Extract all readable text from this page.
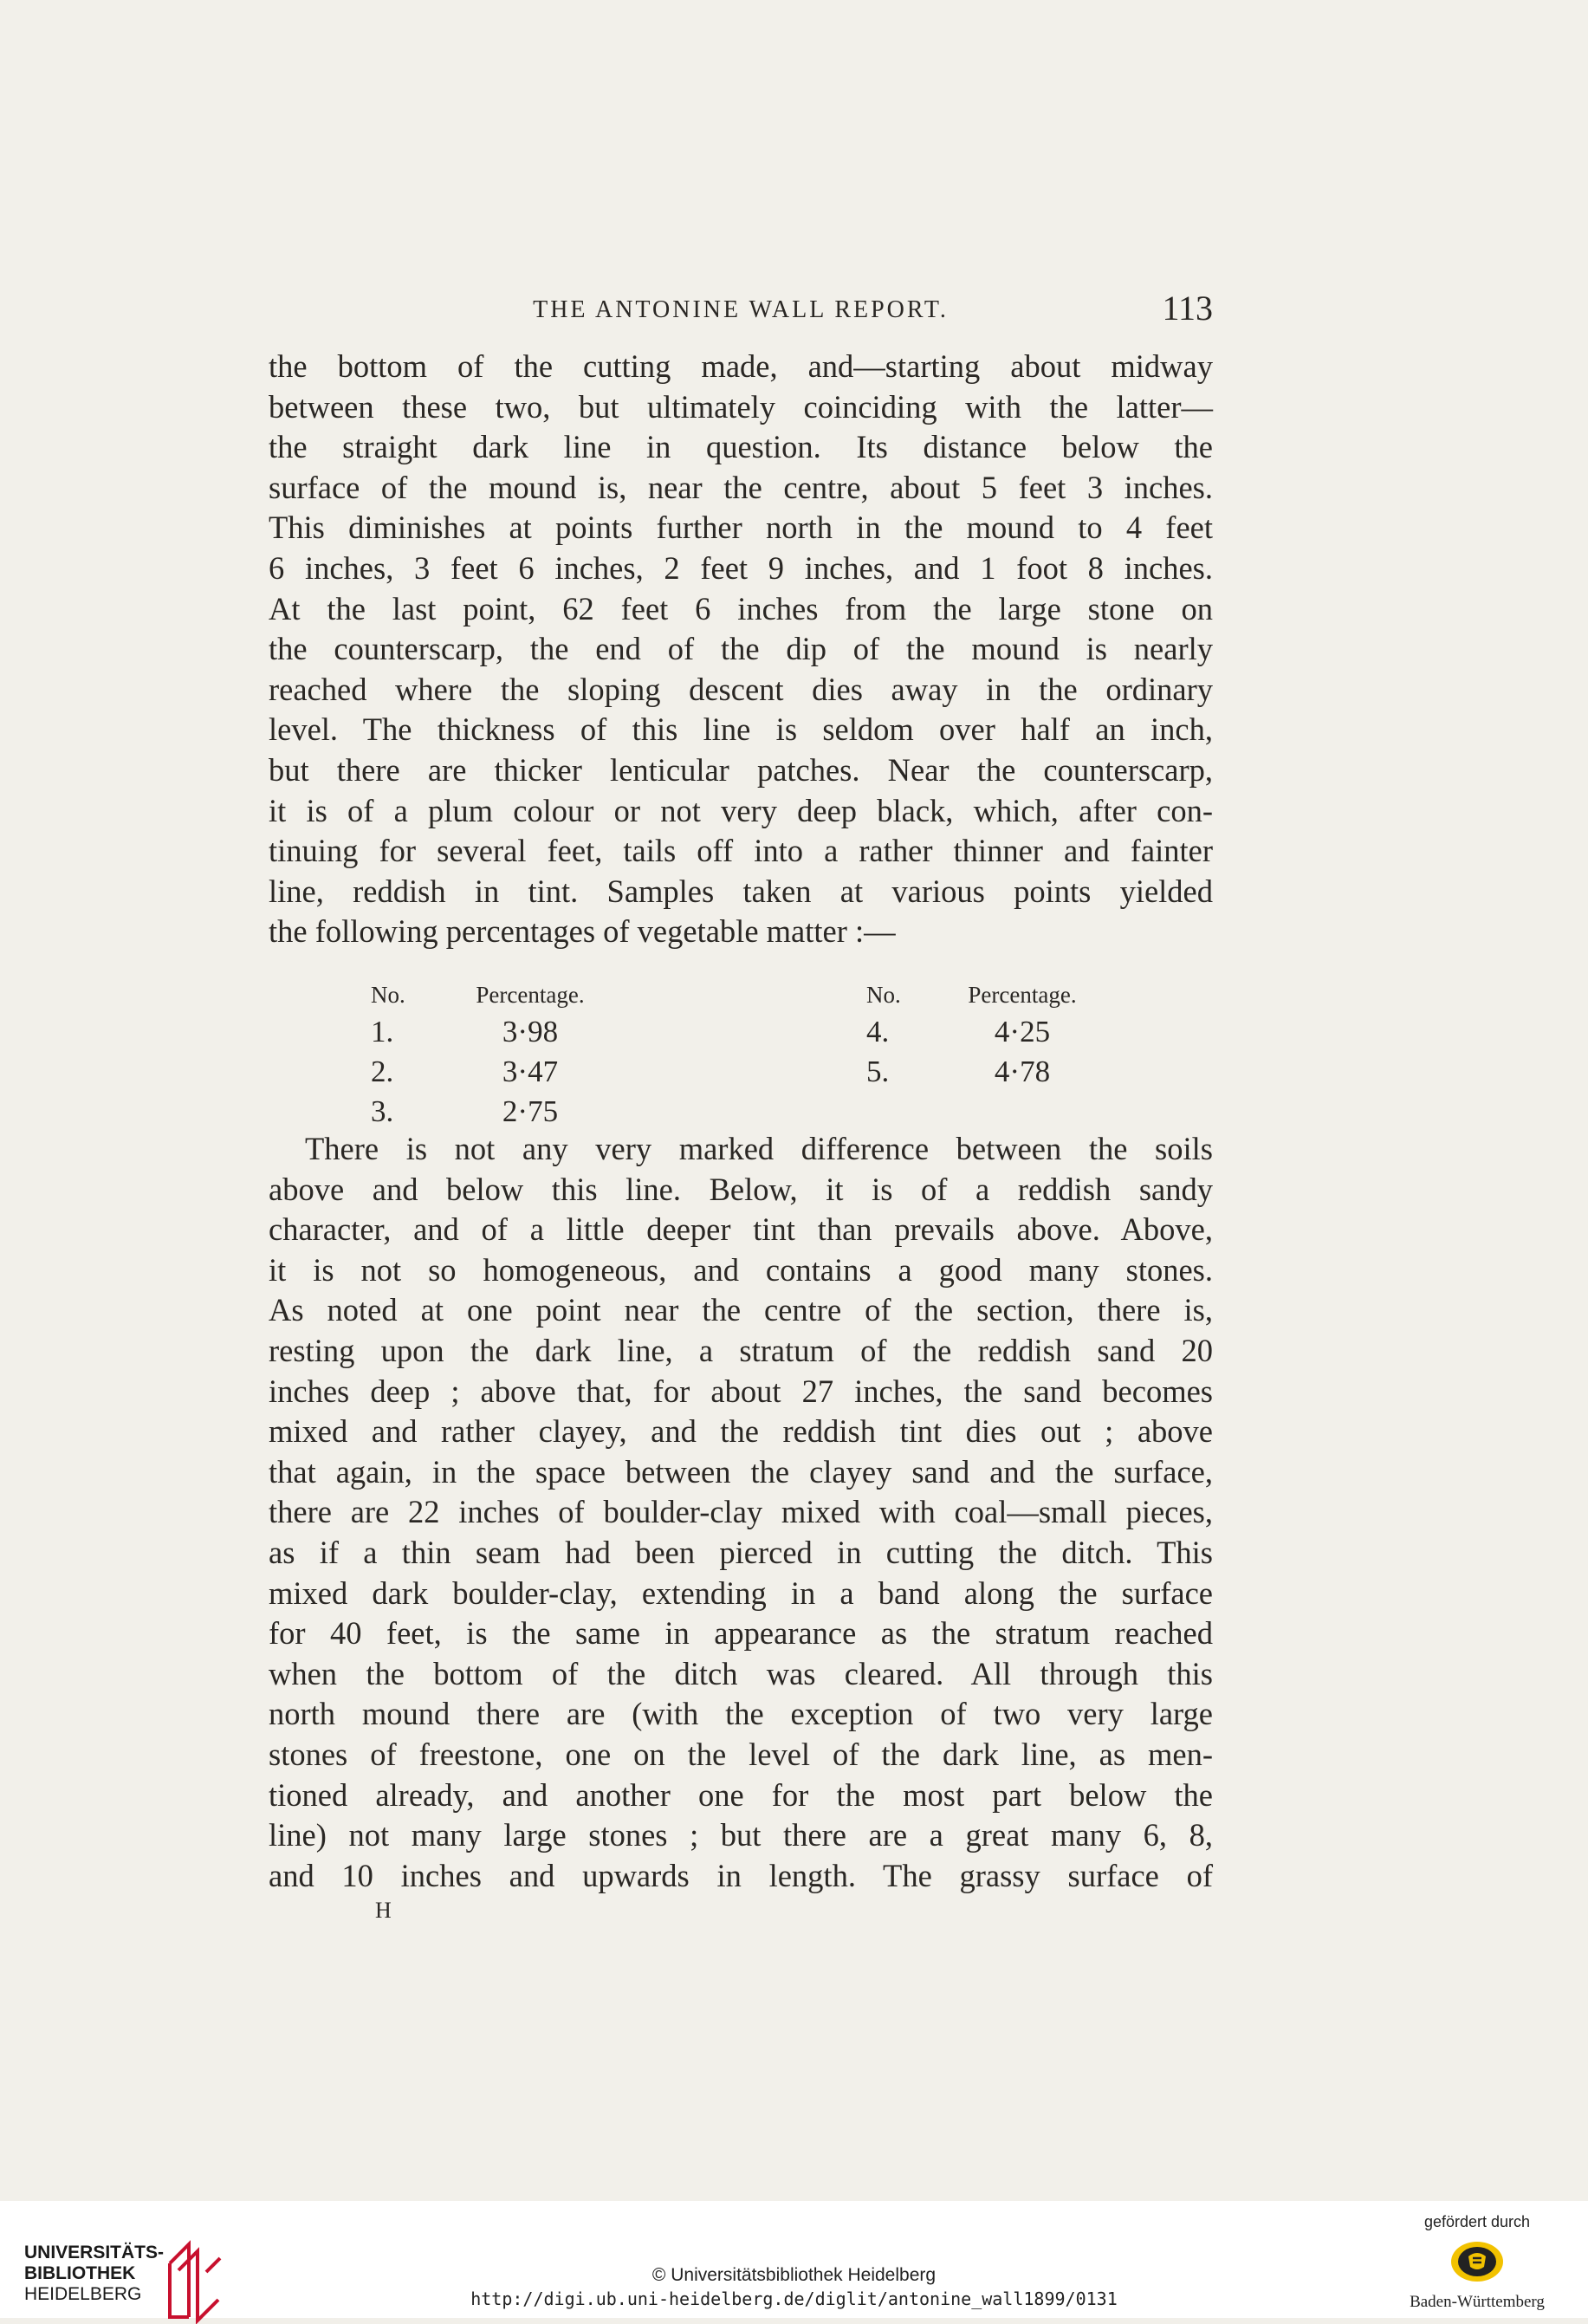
THE ANTONINE WALL REPORT.	113
the bottom of the cutting made, and—starting about midway
between these two, but ultimately coinciding with the latter—
the straight dark line in question. Its distance below the
surface of the mound is, near the centre, about 5 feet 3 inches.
This diminishes at points further north in the mound to 4 feet
6 inches, 3 feet 6 inches, 2 feet 9 inches, and 1 foot 8 inches.
At the last point, 62 feet 6 inches from the large stone on
the counterscarp, the end of the dip of the mound is nearly
reached where the sloping descent dies away in the ordinary
level. The thickness of this line is seldom over half an inch,
but there are thicker lenticular patches. Near the counterscarp,
it is of a plum colour or not very deep black, which, after con-
tinuing for several feet, tails off into a rather thinner and fainter
line, reddish in tint. Samples taken at various points yielded
the following percentages of vegetable matter :—
No.
1.
2.
3.
Percentage.
3·98
3·47
2·75
No.
4.
5.
Percentage.
4·25
4·78
There is not any very marked difference between the soils
above and below this line. Below, it is of a reddish sandy
character, and of a little deeper tint than prevails above. Above,
it is not so homogeneous, and contains a good many stones.
As noted at one point near the centre of the section, there is,
resting upon the dark line, a stratum of the reddish sand 20
inches deep ; above that, for about 27 inches, the sand becomes
mixed and rather clayey, and the reddish tint dies out ; above
that again, in the space between the clayey sand and the surface,
there are 22 inches of boulder-clay mixed with coal—small pieces,
as if a thin seam had been pierced in cutting the ditch. This
mixed dark boulder-clay, extending in a band along the surface
for 40 feet, is the same in appearance as the stratum reached
when the bottom of the ditch was cleared. All through this
north mound there are (with the exception of two very large
stones of freestone, one on the level of the dark line, as men-
tioned already, and another one for the most part below the
line) not many large stones ; but there are a great many 6, 8,
and 10 inches and upwards in length. The grassy surface of
H
UNIVERSITÄTS-
BIBLIOTHEK
HEIDELBERG
© Universitätsbibliothek Heidelberg
http://digi.ub.uni-heidelberg.de/diglit/antonine_wall1899/0131
gefördert durch
Baden-Württemberg
